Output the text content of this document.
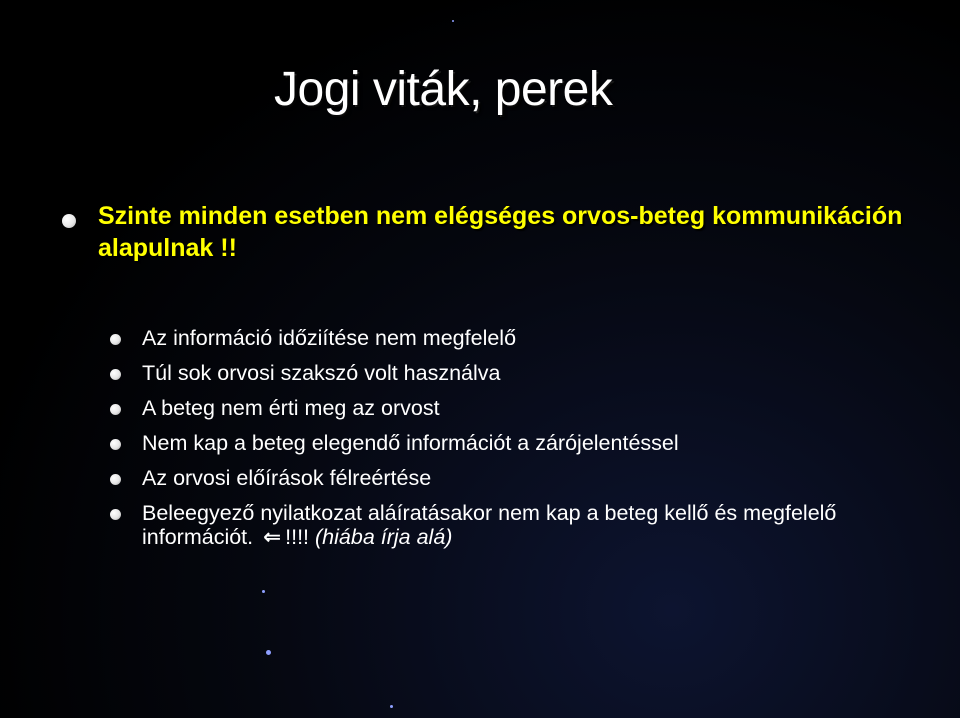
Jogi viták, perek
Szinte minden esetben nem elégséges orvos-beteg kommunikáción alapulnak !!
Az információ időziítése nem megfelelő
Túl sok orvosi szakszó volt használva
A beteg nem érti meg az orvost
Nem kap a beteg elegendő információt a zárójelentéssel
Az orvosi előírások félreértése
Beleegyező nyilatkozat aláíratásakor nem kap a beteg kellő és megfelelő információt. ⇐ !!!! (hiába írja alá)
